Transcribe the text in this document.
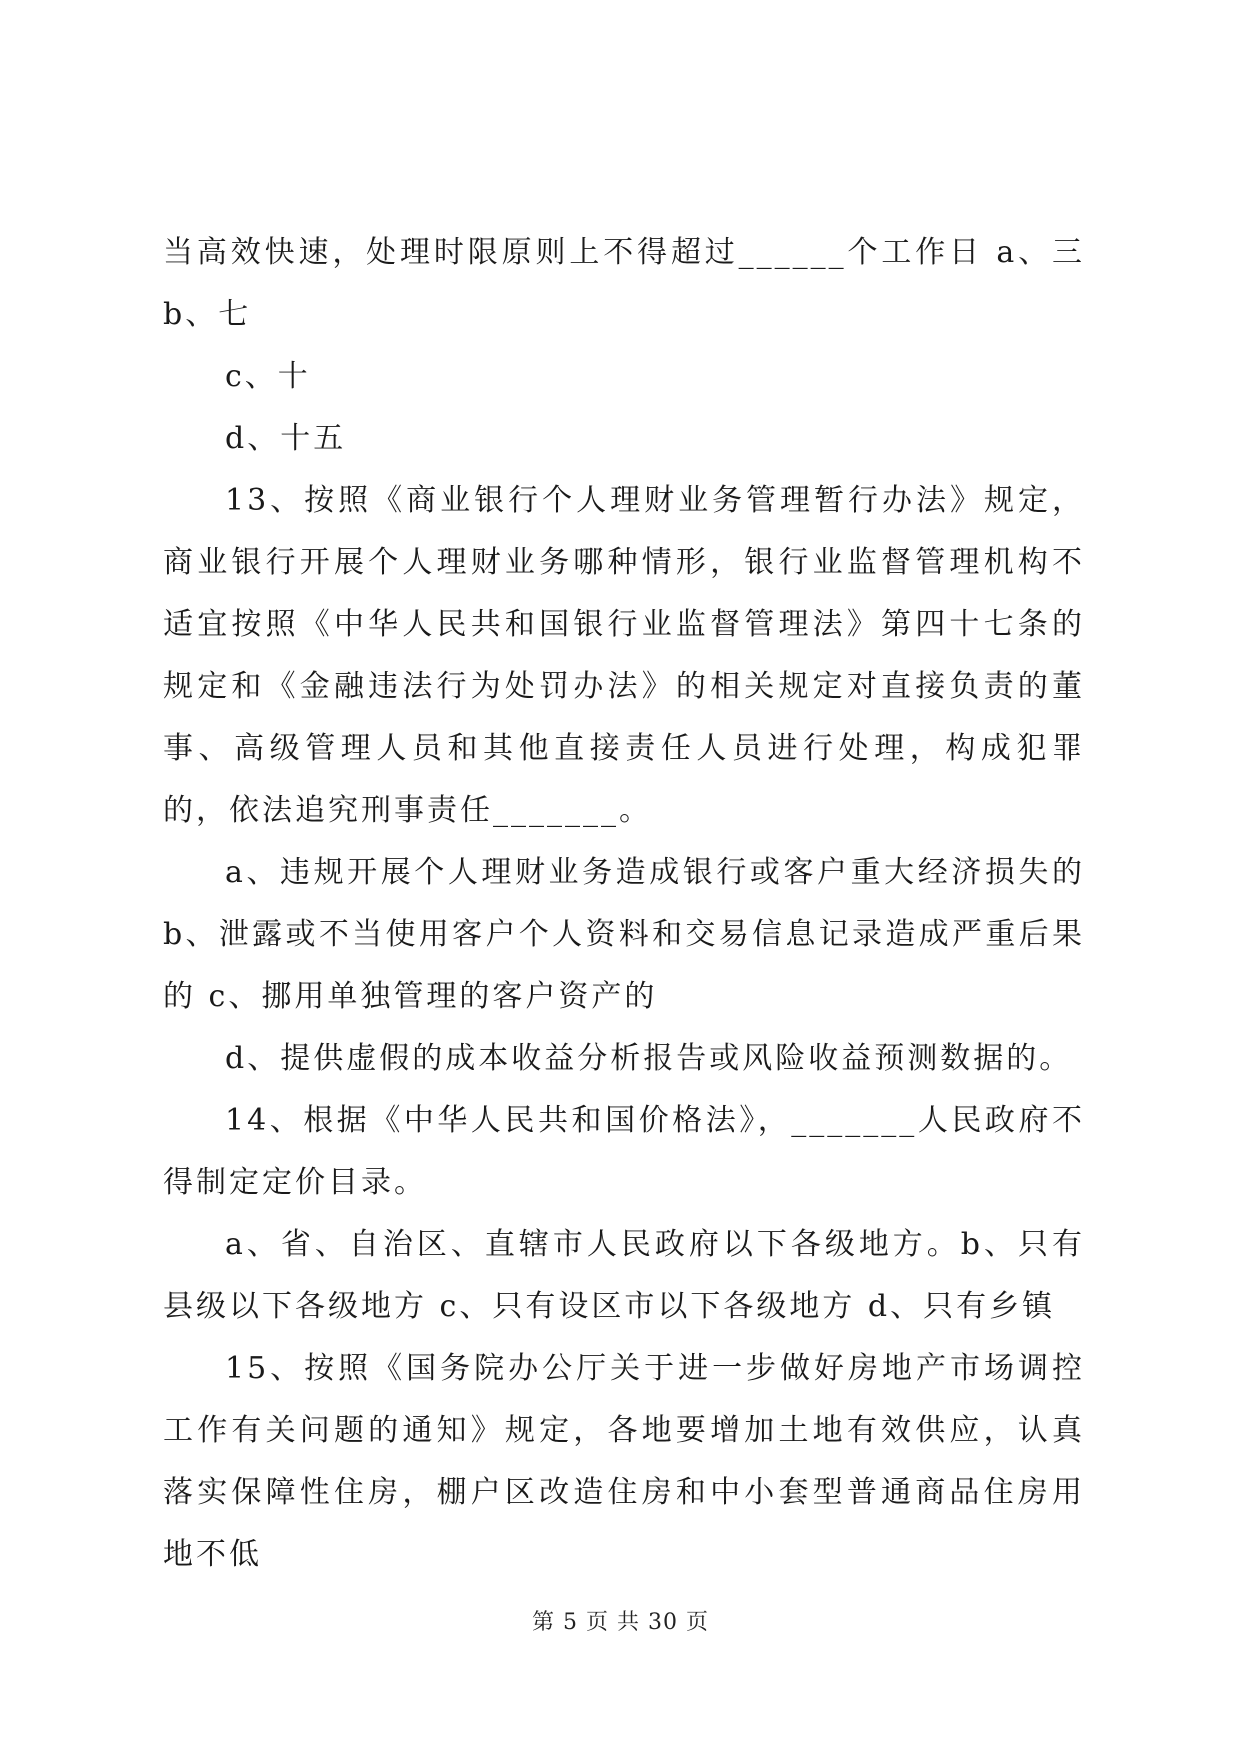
当高效快速，处理时限原则上不得超过______个工作日 a、三 b、七

c、十

d、十五

13、按照《商业银行个人理财业务管理暂行办法》规定，商业银行开展个人理财业务哪种情形，银行业监督管理机构不适宜按照《中华人民共和国银行业监督管理法》第四十七条的规定和《金融违法行为处罚办法》的相关规定对直接负责的董事、高级管理人员和其他直接责任人员进行处理，构成犯罪的，依法追究刑事责任_______。

a、违规开展个人理财业务造成银行或客户重大经济损失的 b、泄露或不当使用客户个人资料和交易信息记录造成严重后果的 c、挪用单独管理的客户资产的

d、提供虚假的成本收益分析报告或风险收益预测数据的。

14、根据《中华人民共和国价格法》，_______人民政府不得制定定价目录。

a、省、自治区、直辖市人民政府以下各级地方。b、只有县级以下各级地方 c、只有设区市以下各级地方 d、只有乡镇

15、按照《国务院办公厅关于进一步做好房地产市场调控工作有关问题的通知》规定，各地要增加土地有效供应，认真落实保障性住房，棚户区改造住房和中小套型普通商品住房用地不低

第 5 页 共 30 页
